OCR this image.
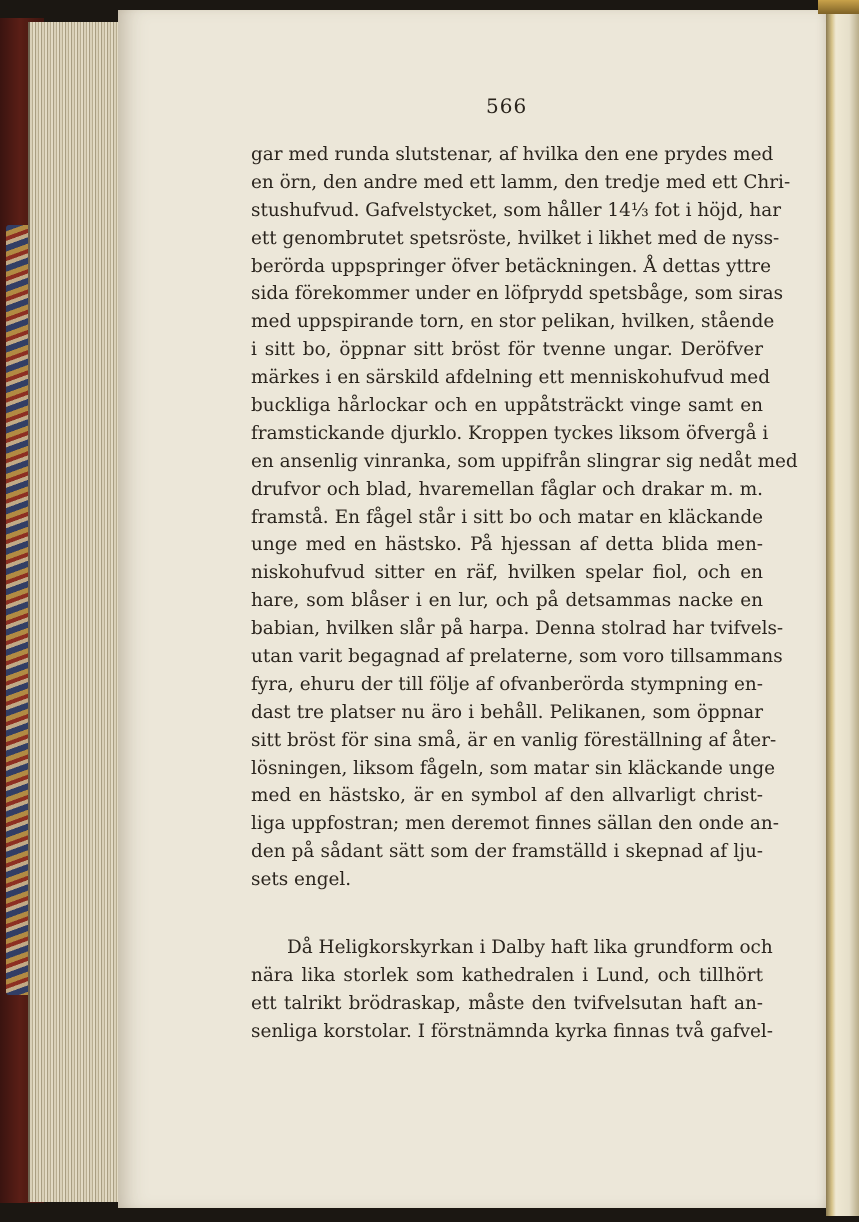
566
gar med runda slutstenar, af hvilka den ene prydes med
en örn, den andre med ett lamm, den tredje med ett Chri-
stushufvud. Gafvelstycket, som håller 14⅓ fot i höjd, har
ett genombrutet spetsröste, hvilket i likhet med de nyss-
berörda uppspringer öfver betäckningen. Å dettas yttre
sida förekommer under en löfprydd spetsbåge, som siras
med uppspirande torn, en stor pelikan, hvilken, stående
i sitt bo, öppnar sitt bröst för tvenne ungar. Deröfver
märkes i en särskild afdelning ett menniskohufvud med
buckliga hårlockar och en uppåtsträckt vinge samt en
framstickande djurklo. Kroppen tyckes liksom öfvergå i
en ansenlig vinranka, som uppifrån slingrar sig nedåt med
drufvor och blad, hvaremellan fåglar och drakar m. m.
framstå. En fågel står i sitt bo och matar en kläckande
unge med en hästsko. På hjessan af detta blida men-
niskohufvud sitter en räf, hvilken spelar fiol, och en
hare, som blåser i en lur, och på detsammas nacke en
babian, hvilken slår på harpa. Denna stolrad har tvifvels-
utan varit begagnad af prelaterne, som voro tillsammans
fyra, ehuru der till följe af ofvanberörda stympning en-
dast tre platser nu äro i behåll. Pelikanen, som öppnar
sitt bröst för sina små, är en vanlig föreställning af åter-
lösningen, liksom fågeln, som matar sin kläckande unge
med en hästsko, är en symbol af den allvarligt christ-
liga uppfostran; men deremot finnes sällan den onde an-
den på sådant sätt som der framställd i skepnad af lju-
sets engel.
Då Heligkorskyrkan i Dalby haft lika grundform och
nära lika storlek som kathedralen i Lund, och tillhört
ett talrikt brödraskap, måste den tvifvelsutan haft an-
senliga korstolar. I förstnämnda kyrka finnas två gafvel-
